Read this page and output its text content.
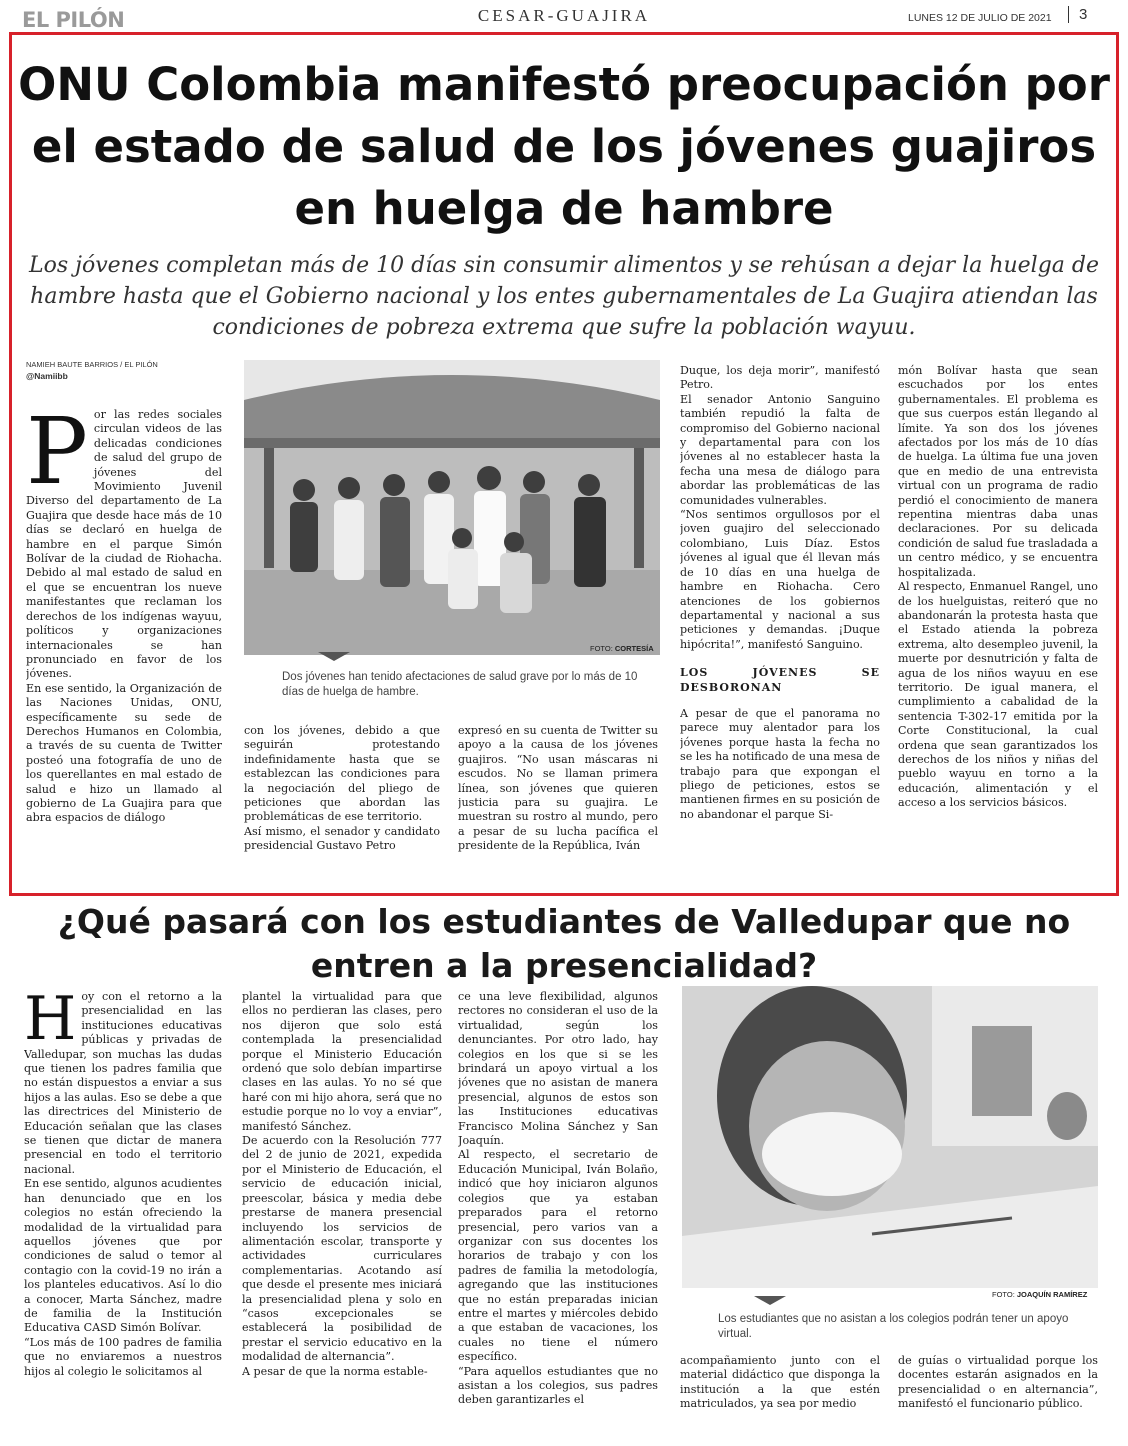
EL PILÓN	CESAR-GUAJIRA	LUNES 12 DE JULIO DE 2021	3
ONU Colombia manifestó preocupación por el estado de salud de los jóvenes guajiros en huelga de hambre

Los jóvenes completan más de 10 días sin consumir alimentos y se rehúsan a dejar la huelga de hambre hasta que el Gobierno nacional y los entes gubernamentales de La Guajira atiendan las condiciones de pobreza extrema que sufre la población wayuu.

NAMIEH BAUTE BARRIOS / EL PILÓN
@Namiibb
P or las redes sociales circulan videos de las delicadas condiciones de salud del grupo de jóvenes del Movimiento Juvenil Diverso del departamento de La Guajira que desde hace más de 10 días se declaró en huelga de hambre en el parque Simón Bolívar de la ciudad de Riohacha. Debido al mal estado de salud en el que se encuentran los nueve manifestantes que reclaman los derechos de los indígenas wayuu, políticos y organizaciones internacionales se han pronunciado en favor de los jóvenes.

En ese sentido, la Organización de las Naciones Unidas, ONU, específicamente su sede de Derechos Humanos en Colombia, a través de su cuenta de Twitter posteó una fotografía de uno de los querellantes en mal estado de salud e hizo un llamado al gobierno de La Guajira para que abra espacios de diálogo

FOTO: CORTESÍA
Dos jóvenes han tenido afectaciones de salud grave por lo más de 10 días de huelga de hambre.

con los jóvenes, debido a que seguirán protestando indefinidamente hasta que se establezcan las condiciones para la negociación del pliego de peticiones que abordan las problemáticas de ese territorio.

Así mismo, el senador y candidato presidencial Gustavo Petro

expresó en su cuenta de Twitter su apoyo a la causa de los jóvenes guajiros. “No usan máscaras ni escudos. No se llaman primera línea, son jóvenes que quieren justicia para su guajira. Le muestran su rostro al mundo, pero a pesar de su lucha pacífica el presidente de la República, Iván

Duque, los deja morir”, manifestó Petro.

El senador Antonio Sanguino también repudió la falta de compromiso del Gobierno nacional y departamental para con los jóvenes al no establecer hasta la fecha una mesa de diálogo para abordar las problemáticas de las comunidades vulnerables.

“Nos sentimos orgullosos por el joven guajiro del seleccionado colombiano, Luis Díaz. Estos jóvenes al igual que él llevan más de 10 días en una huelga de hambre en Riohacha. Cero atenciones de los gobiernos departamental y nacional a sus peticiones y demandas. ¡Duque hipócrita!”, manifestó Sanguino.

LOS JÓVENES SE DESBORONAN

A pesar de que el panorama no parece muy alentador para los jóvenes porque hasta la fecha no se les ha notificado de una mesa de trabajo para que expongan el pliego de peticiones, estos se mantienen firmes en su posición de no abandonar el parque Si-

món Bolívar hasta que sean escuchados por los entes gubernamentales. El problema es que sus cuerpos están llegando al límite. Ya son dos los jóvenes afectados por los más de 10 días de huelga. La última fue una joven que en medio de una entrevista virtual con un programa de radio perdió el conocimiento de manera repentina mientras daba unas declaraciones. Por su delicada condición de salud fue trasladada a un centro médico, y se encuentra hospitalizada.

Al respecto, Enmanuel Rangel, uno de los huelguistas, reiteró que no abandonarán la protesta hasta que el Estado atienda la pobreza extrema, alto desempleo juvenil, la muerte por desnutrición y falta de agua de los niños wayuu en ese territorio. De igual manera, el cumplimiento a cabalidad de la sentencia T-302-17 emitida por la Corte Constitucional, la cual ordena que sean garantizados los derechos de los niños y niñas del pueblo wayuu en torno a la educación, alimentación y el acceso a los servicios básicos.

¿Qué pasará con los estudiantes de Valledupar que no entren a la presencialidad?
H oy con el retorno a la presencialidad en las instituciones educativas públicas y privadas de Valledupar, son muchas las dudas que tienen los padres familia que no están dispuestos a enviar a sus hijos a las aulas. Eso se debe a que las directrices del Ministerio de Educación señalan que las clases se tienen que dictar de manera presencial en todo el territorio nacional.

En ese sentido, algunos acudientes han denunciado que en los colegios no están ofreciendo la modalidad de la virtualidad para aquellos jóvenes que por condiciones de salud o temor al contagio con la covid-19 no irán a los planteles educativos. Así lo dio a conocer, Marta Sánchez, madre de familia de la Institución Educativa CASD Simón Bolívar.

“Los más de 100 padres de familia que no enviaremos a nuestros hijos al colegio le solicitamos al

plantel la virtualidad para que ellos no perdieran las clases, pero nos dijeron que solo está contemplada la presencialidad porque el Ministerio Educación ordenó que solo debían impartirse clases en las aulas. Yo no sé que haré con mi hijo ahora, será que no estudie porque no lo voy a enviar”, manifestó Sánchez.

De acuerdo con la Resolución 777 del 2 de junio de 2021, expedida por el Ministerio de Educación, el servicio de educación inicial, preescolar, básica y media debe prestarse de manera presencial incluyendo los servicios de alimentación escolar, transporte y actividades curriculares complementarias. Acotando así que desde el presente mes iniciará la presencialidad plena y solo en “casos excepcionales se establecerá la posibilidad de prestar el servicio educativo en la modalidad de alternancia”.

A pesar de que la norma estable-

ce una leve flexibilidad, algunos rectores no consideran el uso de la virtualidad, según los denunciantes. Por otro lado, hay colegios en los que si se les brindará un apoyo virtual a los jóvenes que no asistan de manera presencial, algunos de estos son las Instituciones educativas Francisco Molina Sánchez y San Joaquín.

Al respecto, el secretario de Educación Municipal, Iván Bolaño, indicó que hoy iniciaron algunos colegios que ya estaban preparados para el retorno presencial, pero varios van a organizar con sus docentes los horarios de trabajo y con los padres de familia la metodología, agregando que las instituciones que no están preparadas inician entre el martes y miércoles debido a que estaban de vacaciones, los cuales no tiene el número específico.

“Para aquellos estudiantes que no asistan a los colegios, sus padres deben garantizarles el

FOTO: JOAQUÍN RAMÍREZ
Los estudiantes que no asistan a los colegios podrán tener un apoyo virtual.

acompañamiento junto con el material didáctico que dispongа la institución a la que estén matriculados, ya sea por medio

de guías o virtualidad porque los docentes estarán asignados en la presencialidad o en alternancia”, manifestó el funcionario público.
